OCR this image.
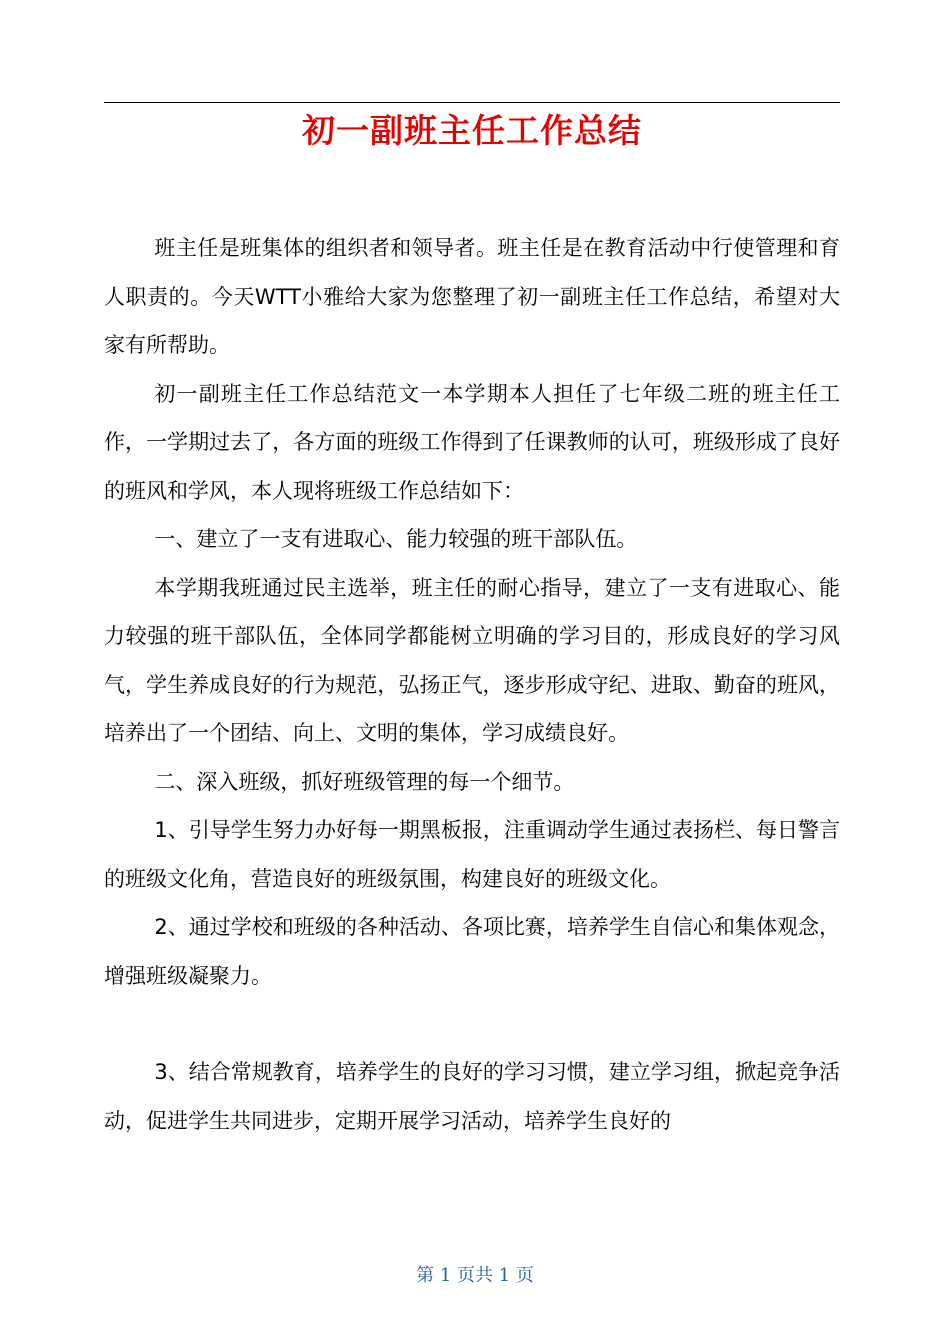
初一副班主任工作总结

班主任是班集体的组织者和领导者。班主任是在教育活动中行使管理和育人职责的。今天WTT小雅给大家为您整理了初一副班主任工作总结，希望对大家有所帮助。

初一副班主任工作总结范文一本学期本人担任了七年级二班的班主任工作，一学期过去了，各方面的班级工作得到了任课教师的认可，班级形成了良好的班风和学风，本人现将班级工作总结如下：

一、建立了一支有进取心、能力较强的班干部队伍。

本学期我班通过民主选举，班主任的耐心指导，建立了一支有进取心、能力较强的班干部队伍，全体同学都能树立明确的学习目的，形成良好的学习风气，学生养成良好的行为规范，弘扬正气，逐步形成守纪、进取、勤奋的班风，培养出了一个团结、向上、文明的集体，学习成绩良好。

二、深入班级，抓好班级管理的每一个细节。

1、引导学生努力办好每一期黑板报，注重调动学生通过表扬栏、每日警言的班级文化角，营造良好的班级氛围，构建良好的班级文化。

2、通过学校和班级的各种活动、各项比赛，培养学生自信心和集体观念，增强班级凝聚力。

3、结合常规教育，培养学生的良好的学习习惯，建立学习组，掀起竞争活动，促进学生共同进步，定期开展学习活动，培养学生良好的

第 1 页共 1 页
